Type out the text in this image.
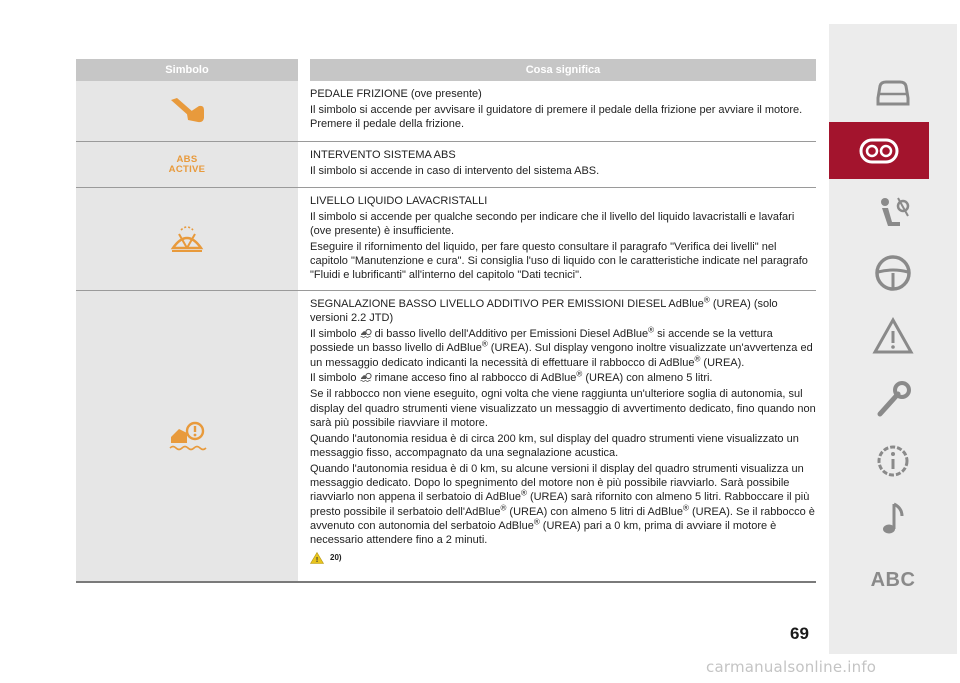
Simbolo	Cosa significa

PEDALE FRIZIONE (ove presente)

Il simbolo si accende per avvisare il guidatore di premere il pedale della frizione per avviare il motore. Premere il pedale della frizione.

ABS
ACTIVE

INTERVENTO SISTEMA ABS

Il simbolo si accende in caso di intervento del sistema ABS.

LIVELLO LIQUIDO LAVACRISTALLI

Il simbolo si accende per qualche secondo per indicare che il livello del liquido lavacristalli e lavafari (ove presente) è insufficiente.

Eseguire il rifornimento del liquido, per fare questo consultare il paragrafo "Verifica dei livelli" nel capitolo "Manutenzione e cura". Si consiglia l'uso di liquido con le caratteristiche indicate nel paragrafo "Fluidi e lubrificanti" all'interno del capitolo "Dati tecnici".

SEGNALAZIONE BASSO LIVELLO ADDITIVO PER EMISSIONI DIESEL AdBlue® (UREA) (solo versioni 2.2 JTD)

Il simbolo  di basso livello dell'Additivo per Emissioni Diesel AdBlue® si accende se la vettura possiede un basso livello di AdBlue® (UREA). Sul display vengono inoltre visualizzate un'avvertenza ed un messaggio dedicato indicanti la necessità di effettuare il rabbocco di AdBlue® (UREA).

Il simbolo  rimane acceso fino al rabbocco di AdBlue® (UREA) con almeno 5 litri.

Se il rabbocco non viene eseguito, ogni volta che viene raggiunta un'ulteriore soglia di autonomia, sul display del quadro strumenti viene visualizzato un messaggio di avvertimento dedicato, fino quando non sarà più possibile riavviare il motore.

Quando l'autonomia residua è di circa 200 km, sul display del quadro strumenti viene visualizzato un messaggio fisso, accompagnato da una segnalazione acustica.

Quando l'autonomia residua è di 0 km, su alcune versioni il display del quadro strumenti visualizza un messaggio dedicato. Dopo lo spegnimento del motore non è più possibile riavviarlo. Sarà possibile riavviarlo non appena il serbatoio di AdBlue® (UREA) sarà rifornito con almeno 5 litri. Rabboccare il più presto possibile il serbatoio dell'AdBlue® (UREA) con almeno 5 litri di AdBlue® (UREA). Se il rabbocco è avvenuto con autonomia del serbatoio AdBlue® (UREA) pari a 0 km, prima di avviare il motore è necessario attendere fino a 2 minuti.

! 20)
ABC
69
carmanualsonline.info
